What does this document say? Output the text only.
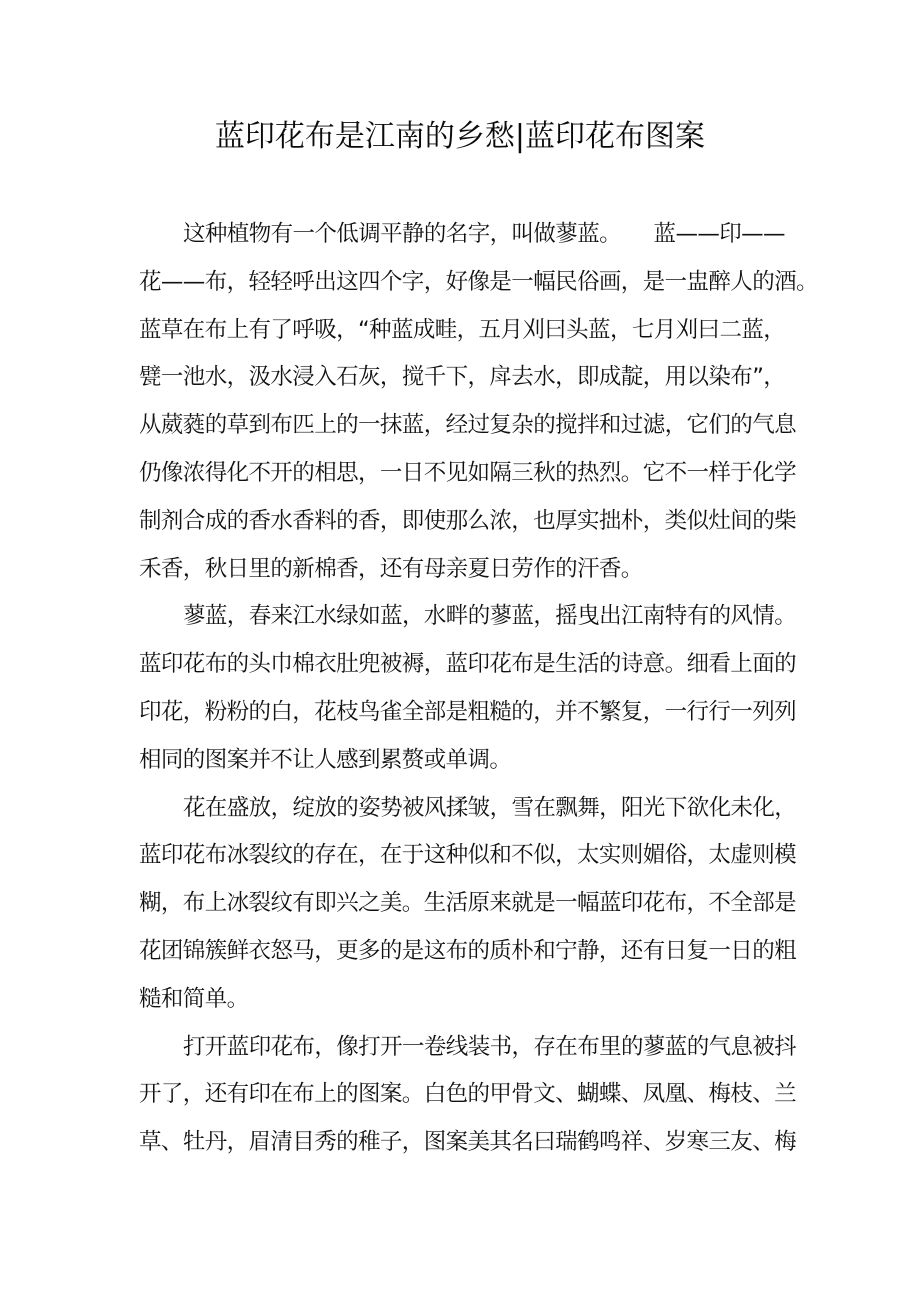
蓝印花布是江南的乡愁|蓝印花布图案
这种植物有一个低调平静的名字，叫做蓼蓝。　　蓝——印——
花——布，轻轻呼出这四个字，好像是一幅民俗画，是一盅醉人的酒。
蓝草在布上有了呼吸，“种蓝成畦，五月刈曰头蓝，七月刈曰二蓝，
甓一池水，汲水浸入石灰，搅千下，戽去水，即成靛，用以染布”，
从葳蕤的草到布匹上的一抹蓝，经过复杂的搅拌和过滤，它们的气息
仍像浓得化不开的相思，一日不见如隔三秋的热烈。它不一样于化学
制剂合成的香水香料的香，即使那么浓，也厚实拙朴，类似灶间的柴
禾香，秋日里的新棉香，还有母亲夏日劳作的汗香。
蓼蓝，春来江水绿如蓝，水畔的蓼蓝，摇曳出江南特有的风情。
蓝印花布的头巾棉衣肚兜被褥，蓝印花布是生活的诗意。细看上面的
印花，粉粉的白，花枝鸟雀全部是粗糙的，并不繁复，一行行一列列
相同的图案并不让人感到累赘或单调。
花在盛放，绽放的姿势被风揉皱，雪在飘舞，阳光下欲化未化，
蓝印花布冰裂纹的存在，在于这种似和不似，太实则媚俗，太虚则模
糊，布上冰裂纹有即兴之美。生活原来就是一幅蓝印花布，不全部是
花团锦簇鲜衣怒马，更多的是这布的质朴和宁静，还有日复一日的粗
糙和简单。
打开蓝印花布，像打开一卷线装书，存在布里的蓼蓝的气息被抖
开了，还有印在布上的图案。白色的甲骨文、蝴蝶、凤凰、梅枝、兰
草、牡丹，眉清目秀的稚子，图案美其名曰瑞鹤鸣祥、岁寒三友、梅
